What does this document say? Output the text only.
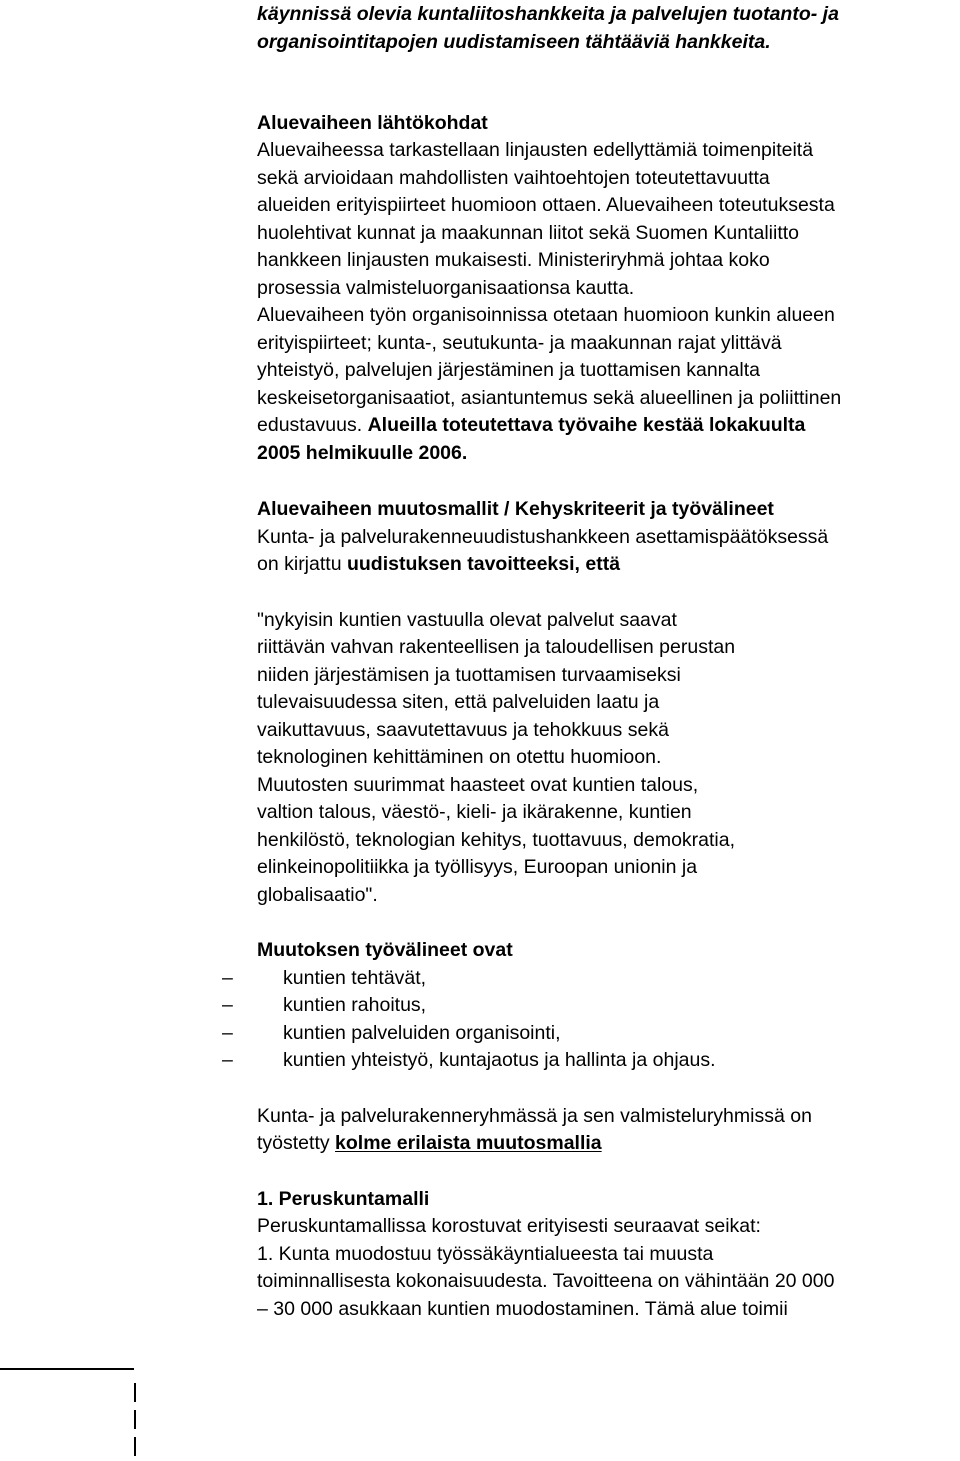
käynnissä olevia kuntaliitoshankkeita ja palvelujen tuotanto- ja
organisointitapojen uudistamiseen tähtääviä hankkeita.
Aluevaiheen lähtökohdat
Aluevaiheessa tarkastellaan linjausten edellyttämiä toimenpiteitä
sekä arvioidaan mahdollisten vaihtoehtojen toteutettavuutta
alueiden erityispiirteet huomioon ottaen. Aluevaiheen toteutuksesta
huolehtivat kunnat ja maakunnan liitot sekä Suomen Kuntaliitto
hankkeen linjausten mukaisesti. Ministeriryhmä johtaa koko
prosessia valmisteluorganisaationsa kautta.
Aluevaiheen työn organisoinnissa otetaan huomioon kunkin alueen
erityispiirteet; kunta-, seutukunta- ja maakunnan rajat ylittävä
yhteistyö, palvelujen järjestäminen ja tuottamisen kannalta
keskeisetorganisaatiot, asiantuntemus sekä alueellinen ja poliittinen
edustavuus. Alueilla toteutettava työvaihe kestää lokakuulta
2005 helmikuulle 2006.
Aluevaiheen muutosmallit / Kehyskriteerit ja työvälineet
Kunta- ja palvelurakenneuudistushankkeen asettamispäätöksessä
on kirjattu uudistuksen tavoitteeksi, että
"nykyisin kuntien vastuulla olevat palvelut saavat
riittävän vahvan rakenteellisen ja taloudellisen perustan
niiden järjestämisen ja tuottamisen turvaamiseksi
tulevaisuudessa siten, että palveluiden laatu ja
vaikuttavuus, saavutettavuus ja tehokkuus sekä
teknologinen kehittäminen on otettu huomioon.
Muutosten suurimmat haasteet ovat kuntien talous,
valtion talous, väestö-, kieli- ja ikärakenne, kuntien
henkilöstö, teknologian kehitys, tuottavuus, demokratia,
elinkeinopolitiikka ja työllisyys, Euroopan unionin ja
globalisaatio".
Muutoksen työvälineet ovat
–	kuntien tehtävät,
–	kuntien rahoitus,
–	kuntien palveluiden organisointi,
–	kuntien yhteistyö, kuntajaotus ja hallinta ja ohjaus.
Kunta- ja palvelurakenneryhmässä ja sen valmisteluryhmissä on
työstetty kolme erilaista muutosmallia
1. Peruskuntamalli
Peruskuntamallissa korostuvat erityisesti seuraavat seikat:
1. Kunta muodostuu työssäkäyntialueesta tai muusta
toiminnallisesta kokonaisuudesta. Tavoitteena on vähintään 20 000
– 30 000 asukkaan kuntien muodostaminen. Tämä alue toimii
